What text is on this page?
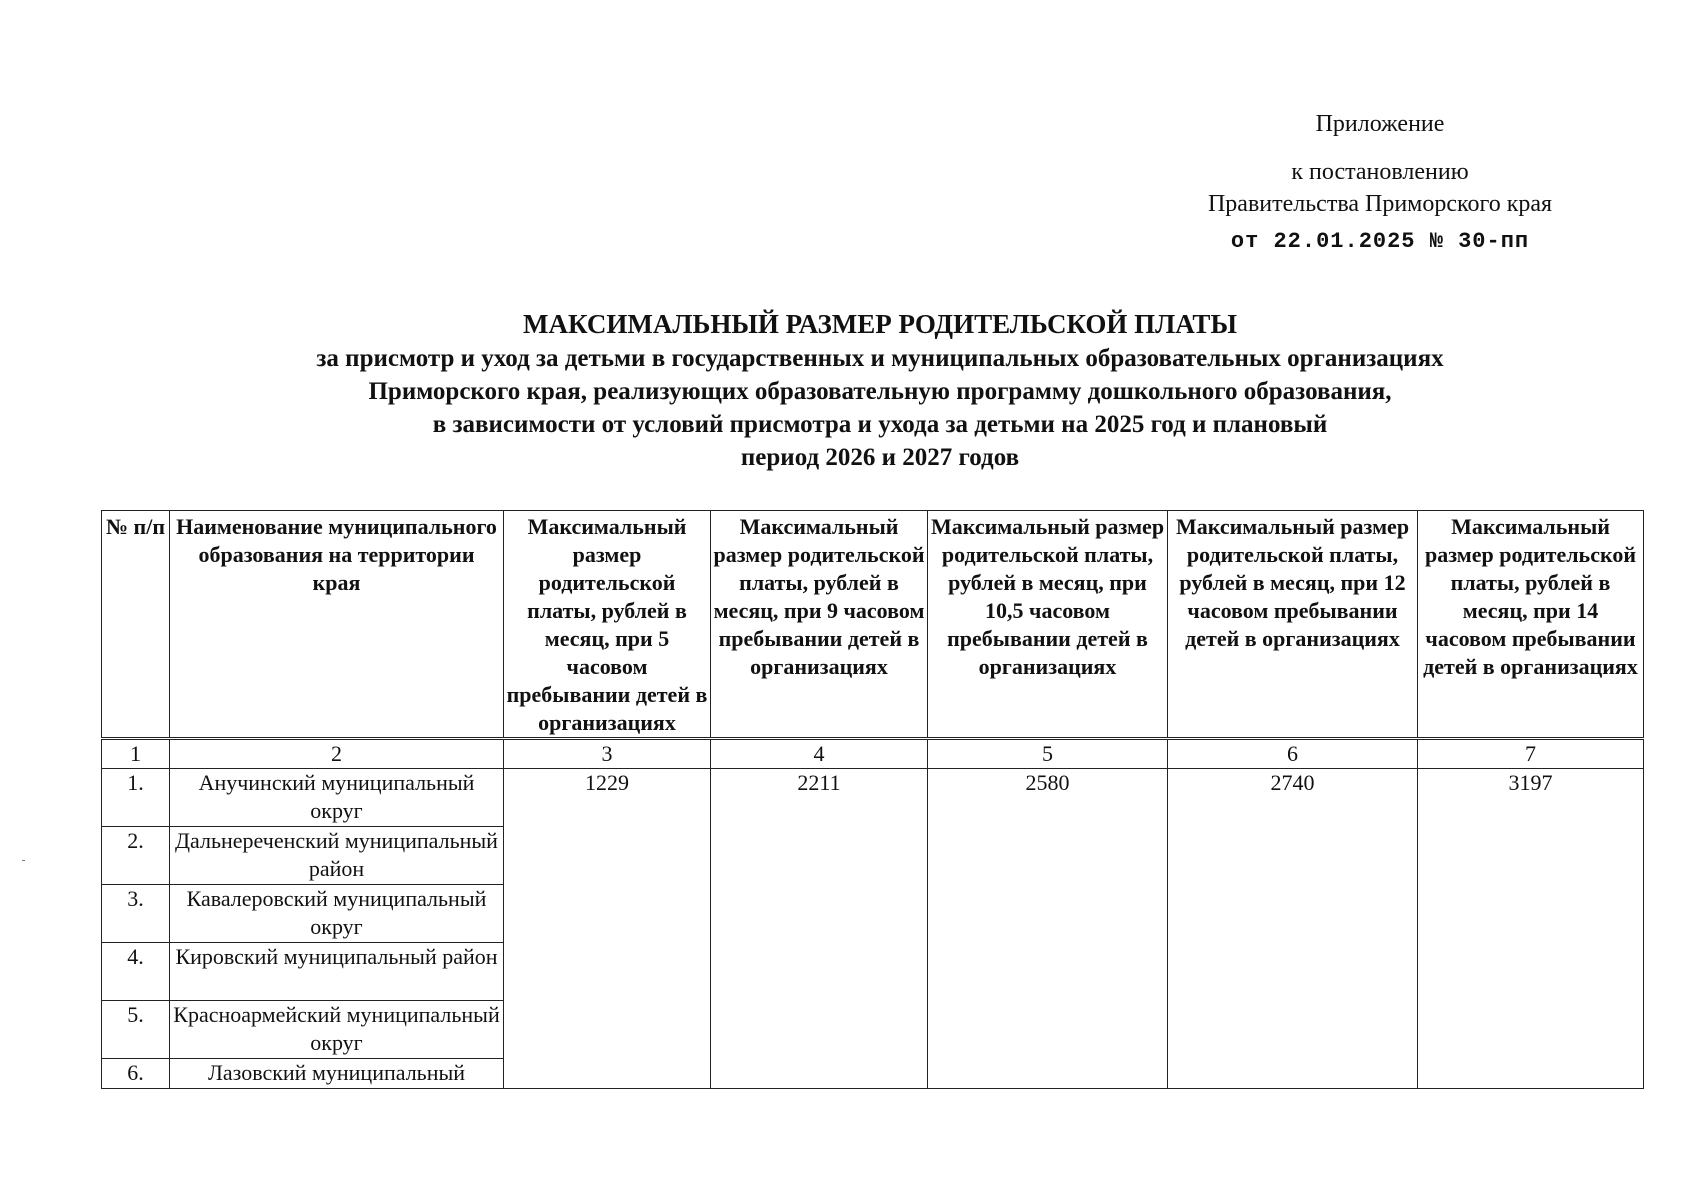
Приложение
к постановлению
Правительства Приморского края
от 22.01.2025 № 30-пп
МАКСИМАЛЬНЫЙ РАЗМЕР РОДИТЕЛЬСКОЙ ПЛАТЫ
за присмотр и уход за детьми в государственных и муниципальных образовательных организациях
Приморского края, реализующих образовательную программу дошкольного образования,
в зависимости от условий присмотра и ухода за детьми на 2025 год и плановый
период 2026 и 2027 годов
№ п/п	Наименование муниципального образования на территории края	Максимальный размер родительской платы, рублей в месяц, при 5 часовом пребывании детей в организациях	Максимальный размер родительской платы, рублей в месяц, при 9 часовом пребывании детей в организациях	Максимальный размер родительской платы, рублей в месяц, при 10,5 часовом пребывании детей в организациях	Максимальный размер родительской платы, рублей в месяц, при 12 часовом пребывании детей в организациях	Максимальный размер родительской платы, рублей в месяц, при 14 часовом пребывании детей в организациях
1	2	3	4	5	6	7
1.	Анучинский муниципальный округ	1229	2211	2580	2740	3197
2.	Дальнереченский муниципальный район					
3.	Кавалеровский муниципальный округ					
4.	Кировский муниципальный район					
5.	Красноармейский муниципальный округ					
6.	Лазовский муниципальный					
